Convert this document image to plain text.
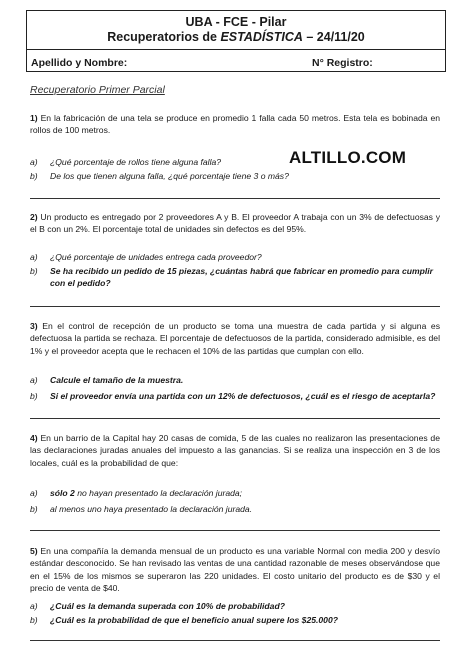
UBA - FCE - Pilar
Recuperatorios de ESTADÍSTICA – 24/11/20
Apellido y Nombre:	N° Registro:
Recuperatorio Primer Parcial
1) En la fabricación de una tela se produce en promedio 1 falla cada 50 metros. Esta tela es bobinada en rollos de 100 metros.
ALTILLO.COM
a) ¿Qué porcentaje de rollos tiene alguna falla?
b) De los que tienen alguna falla, ¿qué porcentaje tiene 3 o más?
2) Un producto es entregado por 2 proveedores A y B. El proveedor A trabaja con un 3% de defectuosas y el B con un 2%. El porcentaje total de unidades sin defectos es del 95%.
a) ¿Qué porcentaje de unidades entrega cada proveedor?
b) Se ha recibido un pedido de 15 piezas, ¿cuántas habrá que fabricar en promedio para cumplir con el pedido?
3) En el control de recepción de un producto se toma una muestra de cada partida y si alguna es defectuosa la partida se rechaza. El porcentaje de defectuosos de la partida, considerado admisible, es del 1% y el proveedor acepta que le rechacen el 10% de las partidas que cumplan con ello.
a) Calcule el tamaño de la muestra.
b) Si el proveedor envía una partida con un 12% de defectuosos, ¿cuál es el riesgo de aceptarla?
4) En un barrio de la Capital hay 20 casas de comida, 5 de las cuales no realizaron las presentaciones de las declaraciones juradas anuales del impuesto a las ganancias. Si se realiza una inspección en 3 de los locales, cuál es la probabilidad de que:
a) sólo 2 no hayan presentado la declaración jurada;
b) al menos uno haya presentado la declaración jurada.
5) En una compañía la demanda mensual de un producto es una variable Normal con media 200 y desvío estándar desconocido. Se han revisado las ventas de una cantidad razonable de meses observándose que en el 15% de los mismos se superaron las 220 unidades. El costo unitario del producto es de $30 y el precio de venta de $40.
a) ¿Cuál es la demanda superada con 10% de probabilidad?
b) ¿Cuál es la probabilidad de que el beneficio anual supere los $25.000?
